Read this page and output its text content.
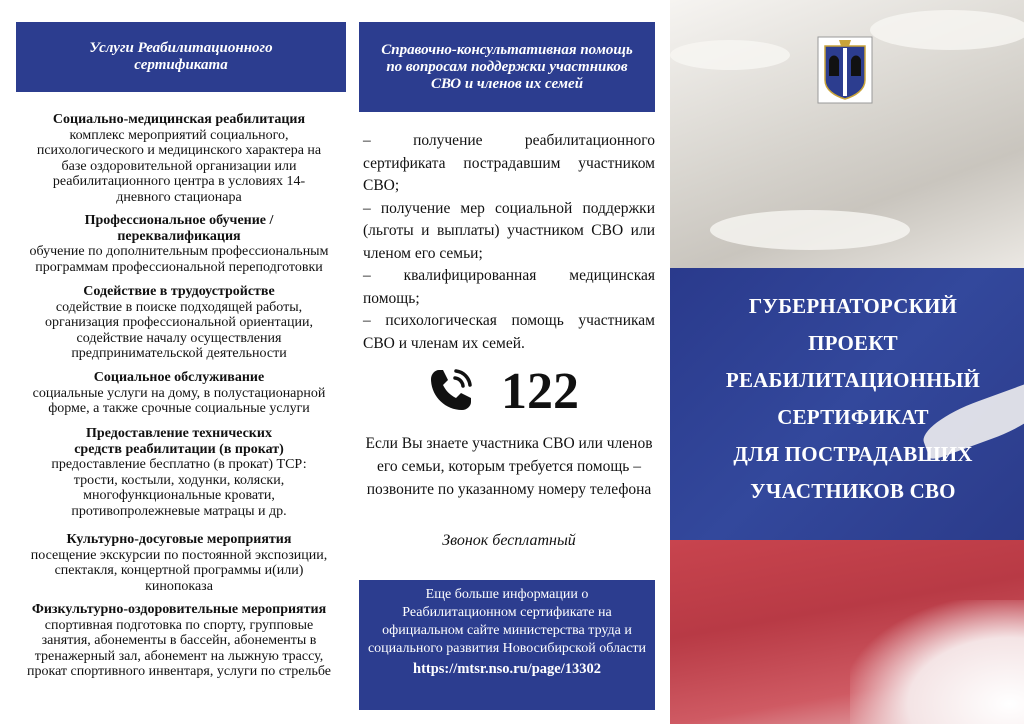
Услуги Реабилитационного сертификата
Социально-медицинская реабилитация
комплекс мероприятий социального, психологического и медицинского характера на базе оздоровительной организации или реабилитационного центра в условиях 14-дневного стационара
Профессиональное обучение / переквалификация
обучение по дополнительным профессиональным программам профессиональной переподготовки
Содействие в трудоустройстве
содействие в поиске подходящей работы, организация профессиональной ориентации, содействие началу осуществления предпринимательской деятельности
Социальное обслуживание
социальные услуги на дому, в полустационарной форме, а также срочные социальные услуги
Предоставление технических средств реабилитации (в прокат)
предоставление бесплатно (в прокат) ТСР: трости, костыли, ходунки, коляски, многофункциональные кровати, противопролежневые матрацы и др.
Культурно-досуговые мероприятия
посещение экскурсии по постоянной экспозиции, спектакля, концертной программы и(или) кинопоказа
Физкультурно-оздоровительные мероприятия
спортивная подготовка по спорту, групповые занятия, абонементы в бассейн, абонементы в тренажерный зал, абонемент на лыжную трассу, прокат спортивного инвентаря, услуги по стрельбе
Справочно-консультативная помощь по вопросам поддержки участников СВО и членов их семей

– получение реабилитационного сертификата пострадавшим участником СВО;

– получение мер социальной поддержки (льготы и выплаты) участником СВО или членом его семьи;

– квалифицированная медицинская помощь;

– психологическая помощь участникам СВО и членам их семей.

122
Если Вы знаете участника СВО или членов его семьи, которым требуется помощь – позвоните по указанному номеру телефона
Звонок бесплатный
Еще больше информации о Реабилитационном сертификате на официальном сайте министерства труда и социального развития Новосибирской области
https://mtsr.nso.ru/page/13302
ГУБЕРНАТОРСКИЙ
ПРОЕКТ
РЕАБИЛИТАЦИОННЫЙ
СЕРТИФИКАТ
ДЛЯ ПОСТРАДАВШИХ
УЧАСТНИКОВ СВО
